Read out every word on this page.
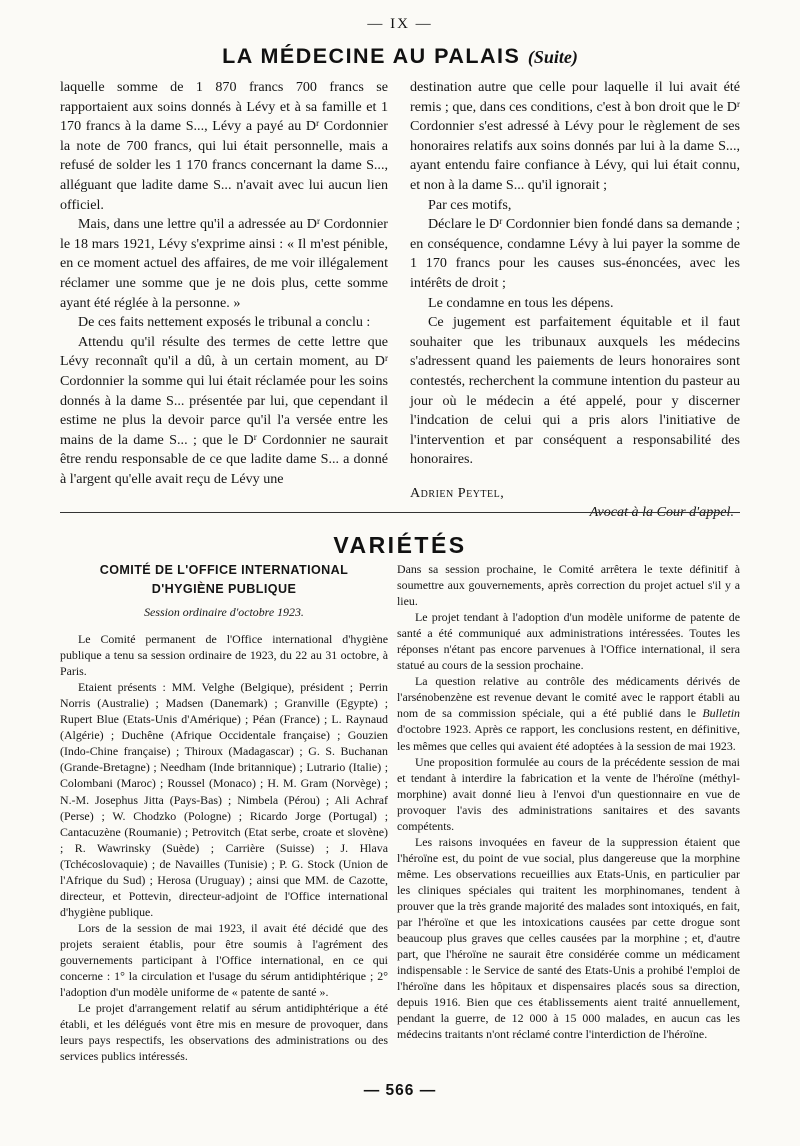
— IX —
LA MÉDECINE AU PALAIS (Suite)

laquelle somme de 1 870 francs 700 francs se rapportaient aux soins donnés à Lévy et à sa famille et 1 170 francs à la dame S..., Lévy a payé au $D^r$ Cordonnier la note de 700 francs, qui lui était personnelle, mais a refusé de solder les 1 170 francs concernant la dame S..., alléguant que ladite dame S... n'avait avec lui aucun lien officiel.

Mais, dans une lettre qu'il a adressée au $D^r$ Cordonnier le 18 mars 1921, Lévy s'exprime ainsi : « Il m'est pénible, en ce moment actuel des affaires, de me voir illégalement réclamer une somme que je ne dois plus, cette somme ayant été réglée à la personne. »

De ces faits nettement exposés le tribunal a conclu :

Attendu qu'il résulte des termes de cette lettre que Lévy reconnaît qu'il a dû, à un certain moment, au $D^r$ Cordonnier la somme qui lui était réclamée pour les soins donnés à la dame S... présentée par lui, que cependant il estime ne plus la devoir parce qu'il l'a versée entre les mains de la dame S... ; que le $D^r$ Cordonnier ne saurait être rendu responsable de ce que ladite dame S... a donné à l'argent qu'elle avait reçu de Lévy une

destination autre que celle pour laquelle il lui avait été remis ; que, dans ces conditions, c'est à bon droit que le $D^r$ Cordonnier s'est adressé à Lévy pour le règlement de ses honoraires relatifs aux soins donnés par lui à la dame S..., ayant entendu faire confiance à Lévy, qui lui était connu, et non à la dame S... qu'il ignorait ;

Par ces motifs,

Déclare le $D^r$ Cordonnier bien fondé dans sa demande ; en conséquence, condamne Lévy à lui payer la somme de 1 170 francs pour les causes sus-énoncées, avec les intérêts de droit ;

Le condamne en tous les dépens.

Ce jugement est parfaitement équitable et il faut souhaiter que les tribunaux auxquels les médecins s'adressent quand les paiements de leurs honoraires sont contestés, recherchent la commune intention du pasteur au jour où le médecin a été appelé, pour y discerner l'indcation de celui qui a pris alors l'initiative de l'intervention et par conséquent a responsabilité des honoraires.

Adrien Peytel,

Avocat à la Cour d'appel.

VARIÉTÉS

COMITÉ DE L'OFFICE INTERNATIONAL
D'HYGIÈNE PUBLIQUE

Session ordinaire d'octobre 1923.

Le Comité permanent de l'Office international d'hygiène publique a tenu sa session ordinaire de 1923, du 22 au 31 octobre, à Paris.

Etaient présents : MM. Velghe (Belgique), président ; Perrin Norris (Australie) ; Madsen (Danemark) ; Granville (Egypte) ; Rupert Blue (Etats-Unis d'Amérique) ; Péan (France) ; L. Raynaud (Algérie) ; Duchêne (Afrique Occidentale française) ; Gouzien (Indo-Chine française) ; Thiroux (Madagascar) ; G. S. Buchanan (Grande-Bretagne) ; Needham (Inde britannique) ; Lutrario (Italie) ; Colombani (Maroc) ; Roussel (Monaco) ; H. M. Gram (Norvège) ; N.-M. Josephus Jitta (Pays-Bas) ; Nimbela (Pérou) ; Ali Achraf (Perse) ; W. Chodzko (Pologne) ; Ricardo Jorge (Portugal) ; Cantacuzène (Roumanie) ; Petrovitch (Etat serbe, croate et slovène) ; R. Wawrinsky (Suède) ; Carrière (Suisse) ; J. Hlava (Tchécoslovaquie) ; de Navailles (Tunisie) ; P. G. Stock (Union de l'Afrique du Sud) ; Herosa (Uruguay) ; ainsi que MM. de Cazotte, directeur, et Pottevin, directeur-adjoint de l'Office international d'hygiène publique.

Lors de la session de mai 1923, il avait été décidé que des projets seraient établis, pour être soumis à l'agrément des gouvernements participant à l'Office international, en ce qui concerne : 1° la circulation et l'usage du sérum antidiphtérique ; 2° l'adoption d'un modèle uniforme de « patente de santé ».

Le projet d'arrangement relatif au sérum antidiphtérique a été établi, et les délégués vont être mis en mesure de provoquer, dans leurs pays respectifs, les observations des administrations ou des services publics intéressés.

Dans sa session prochaine, le Comité arrêtera le texte définitif à soumettre aux gouvernements, après correction du projet actuel s'il y a lieu.

Le projet tendant à l'adoption d'un modèle uniforme de patente de santé a été communiqué aux administrations intéressées. Toutes les réponses n'étant pas encore parvenues à l'Office international, il sera statué au cours de la session prochaine.

La question relative au contrôle des médicaments dérivés de l'arsénobenzène est revenue devant le comité avec le rapport établi au nom de sa commission spéciale, qui a été publié dans le Bulletin d'octobre 1923. Après ce rapport, les conclusions restent, en définitive, les mêmes que celles qui avaient été adoptées à la session de mai 1923.

Une proposition formulée au cours de la précédente session de mai et tendant à interdire la fabrication et la vente de l'héroïne (méthyl-morphine) avait donné lieu à l'envoi d'un questionnaire en vue de provoquer l'avis des administrations sanitaires et des savants compétents.

Les raisons invoquées en faveur de la suppression étaient que l'héroïne est, du point de vue social, plus dangereuse que la morphine même. Les observations recueillies aux Etats-Unis, en particulier par les cliniques spéciales qui traitent les morphinomanes, tendent à prouver que la très grande majorité des malades sont intoxiqués, en fait, par l'héroïne et que les intoxications causées par cette drogue sont beaucoup plus graves que celles causées par la morphine ; et, d'autre part, que l'héroïne ne saurait être considérée comme un médicament indispensable : le Service de santé des Etats-Unis a prohibé l'emploi de l'héroïne dans les hôpitaux et dispensaires placés sous sa direction, depuis 1916. Bien que ces établissements aient traité annuellement, pendant la guerre, de 12 000 à 15 000 malades, en aucun cas les médecins traitants n'ont réclamé contre l'interdiction de l'héroïne.

— 566 —
